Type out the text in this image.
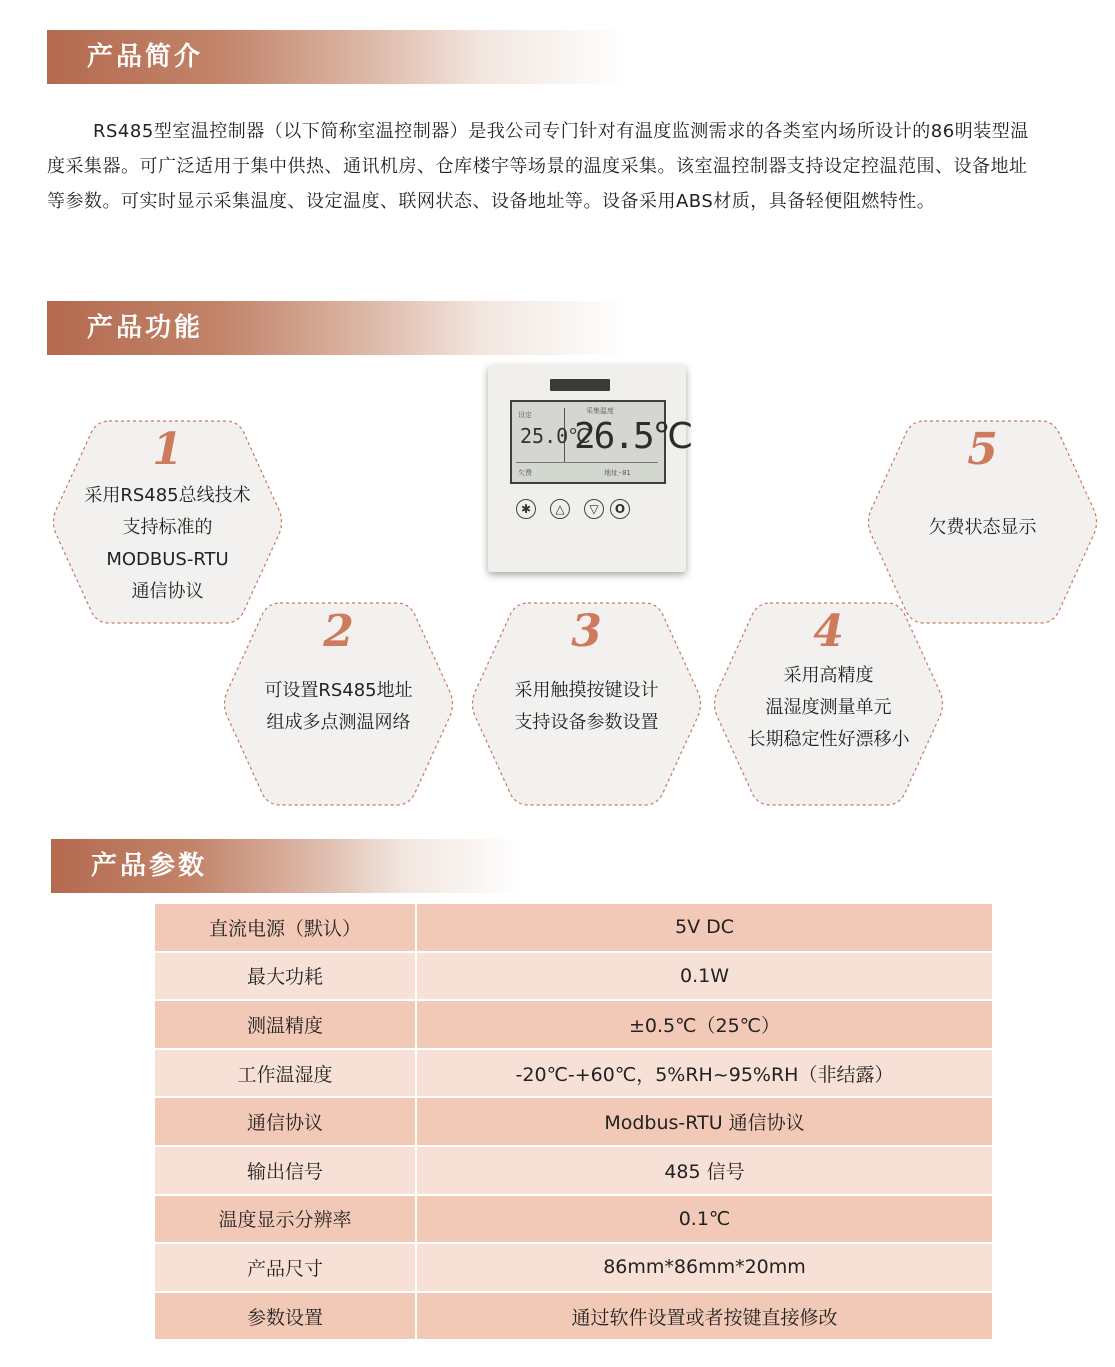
产品简介

RS485型室温控制器（以下简称室温控制器）是我公司专门针对有温度监测需求的各类室内场所设计的86明装型温度采集器。可广泛适用于集中供热、通讯机房、仓库楼宇等场景的温度采集。该室温控制器支持设定控温范围、设备地址等参数。可实时显示采集温度、设定温度、联网状态、设备地址等。设备采用ABS材质，具备轻便阻燃特性。

产品功能
设定	采集温度
25.0℃
26.5℃
欠费	地址-01
✱	△	▽	O
1
采用RS485总线技术
支持标准的
MODBUS-RTU
通信协议
2
可设置RS485地址
组成多点测温网络
3
采用触摸按键设计
支持设备参数设置
4
采用高精度
温湿度测量单元
长期稳定性好漂移小
5
欠费状态显示
产品参数
直流电源（默认）	5V DC
最大功耗	0.1W
测温精度	±0.5℃（25℃）
工作温湿度	-20℃-+60℃，5%RH~95%RH（非结露）
通信协议	Modbus-RTU 通信协议
输出信号	485 信号
温度显示分辨率	0.1℃
产品尺寸	86mm*86mm*20mm
参数设置	通过软件设置或者按键直接修改
